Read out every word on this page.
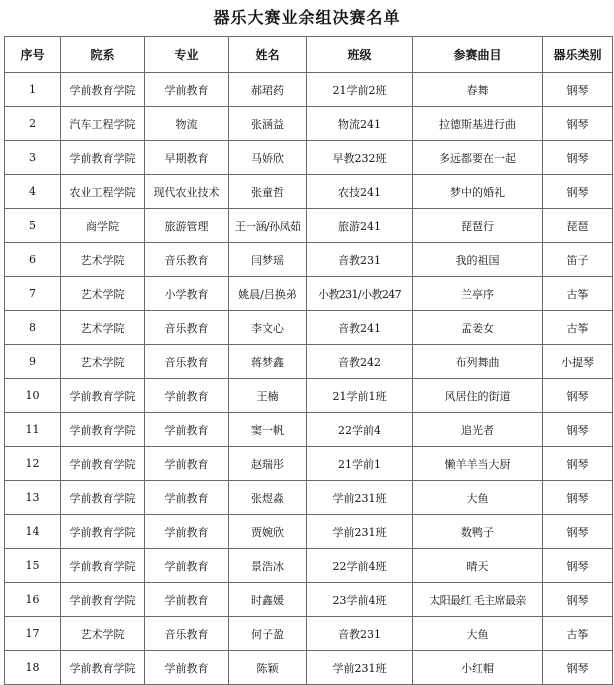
器乐大赛业余组决赛名单
序号	院系	专业	姓名	班级	参赛曲目	器乐类别
1	学前教育学院	学前教育	郝珺药	21学前2班	春舞	钢琴
2	汽车工程学院	物流	张涵益	物流241	拉德斯基进行曲	钢琴
3	学前教育学院	早期教育	马娇欣	早教232班	多远都要在一起	钢琴
4	农业工程学院	现代农业技术	张童哲	农技241	梦中的婚礼	钢琴
5	商学院	旅游管理	王一涵/孙凤茹	旅游241	琵琶行	琵琶
6	艺术学院	音乐教育	闫梦瑶	音教231	我的祖国	笛子
7	艺术学院	小学教育	姚晨/吕换弟	小教231/小教247	兰亭序	古筝
8	艺术学院	音乐教育	李文心	音教241	孟姜女	古筝
9	艺术学院	音乐教育	蒋梦鑫	音教242	布列舞曲	小提琴
10	学前教育学院	学前教育	王楠	21学前1班	风居住的街道	钢琴
11	学前教育学院	学前教育	窦一帆	22学前4	追光者	钢琴
12	学前教育学院	学前教育	赵瑞彤	21学前1	懒羊羊当大厨	钢琴
13	学前教育学院	学前教育	张煜淼	学前231班	大鱼	钢琴
14	学前教育学院	学前教育	贾婉欣	学前231班	数鸭子	钢琴
15	学前教育学院	学前教育	景浩冰	22学前4班	晴天	钢琴
16	学前教育学院	学前教育	时鑫媛	23学前4班	太阳最红 毛主席最亲	钢琴
17	艺术学院	音乐教育	何子盈	音教231	大鱼	古筝
18	学前教育学院	学前教育	陈颖	学前231班	小红帽	钢琴
